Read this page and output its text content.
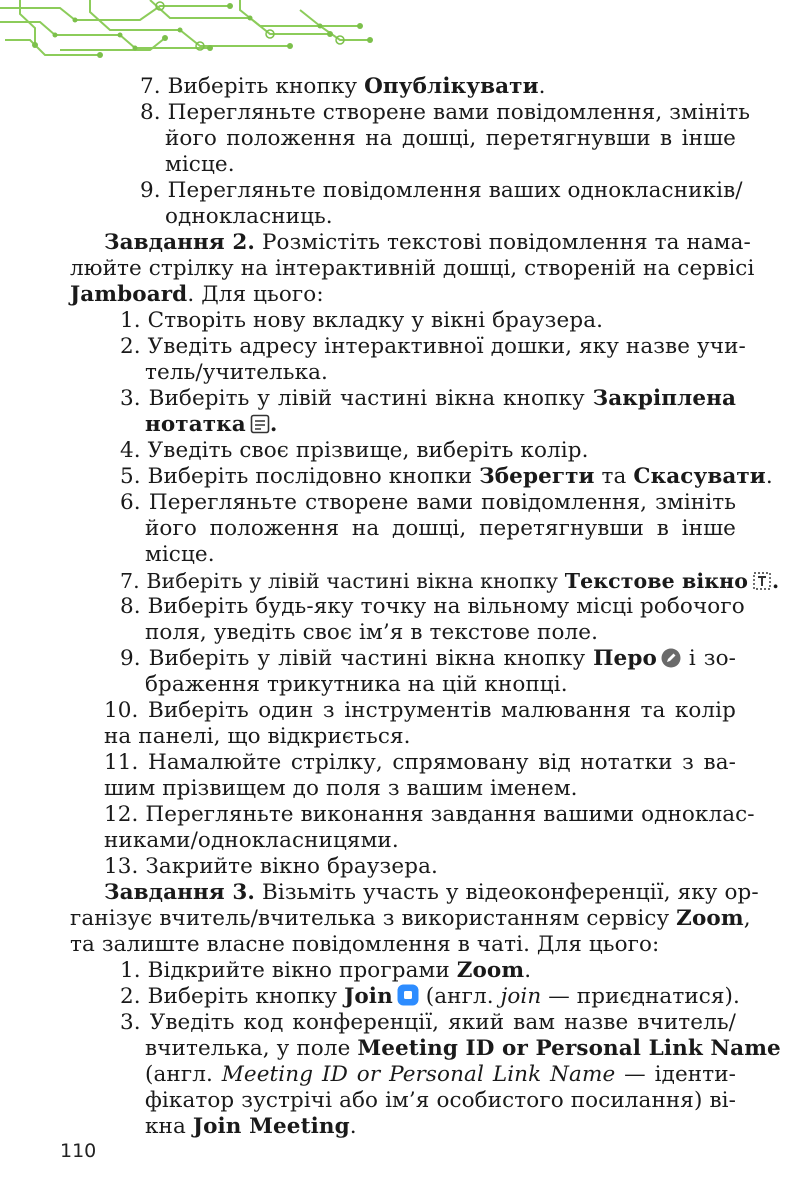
7. Виберіть кнопку Опублікувати.
8. Перегляньте створене вами повідомлення, змініть
його положення на дошці, перетягнувши в інше
місце.
9. Перегляньте повідомлення ваших однокласників/
однокласниць.
Завдання 2. Розмістіть текстові повідомлення та нама-
люйте стрілку на інтерактивній дошці, створеній на сервісі
Jamboard. Для цього:
1. Створіть нову вкладку у вікні браузера.
2. Уведіть адресу інтерактивної дошки, яку назве учи-
тель/учителька.
3. Виберіть у лівій частині вікна кнопку Закріплена
нотатка .
4. Уведіть своє прізвище, виберіть колір.
5. Виберіть послідовно кнопки Зберегти та Скасувати.
6. Перегляньте створене вами повідомлення, змініть
його положення на дошці, перетягнувши в інше
місце.
7. Виберіть у лівій частині вікна кнопку Текстове вікно .
8. Виберіть будь-яку точку на вільному місці робочого
поля, уведіть своє ім’я в текстове поле.
9. Виберіть у лівій частині вікна кнопку Перо і зо-
браження трикутника на цій кнопці.
10. Виберіть один з інструментів малювання та колір
на панелі, що відкриється.
11. Намалюйте стрілку, спрямовану від нотатки з ва-
шим прізвищем до поля з вашим іменем.
12. Перегляньте виконання завдання вашими одноклас-
никами/однокласницями.
13. Закрийте вікно браузера.
Завдання 3. Візьміть участь у відеоконференції, яку ор-
ганізує вчитель/вчителька з використанням сервісу Zoom,
та залиште власне повідомлення в чаті. Для цього:
1. Відкрийте вікно програми Zoom.
2. Виберіть кнопку Join (англ. join — приєднатися).
3. Уведіть код конференції, який вам назве вчитель/
вчителька, у поле Meeting ID or Personal Link Name
(англ. Meeting ID or Personal Link Name — іденти-
фікатор зустрічі або ім’я особистого посилання) ві-
кна Join Meeting.
110
